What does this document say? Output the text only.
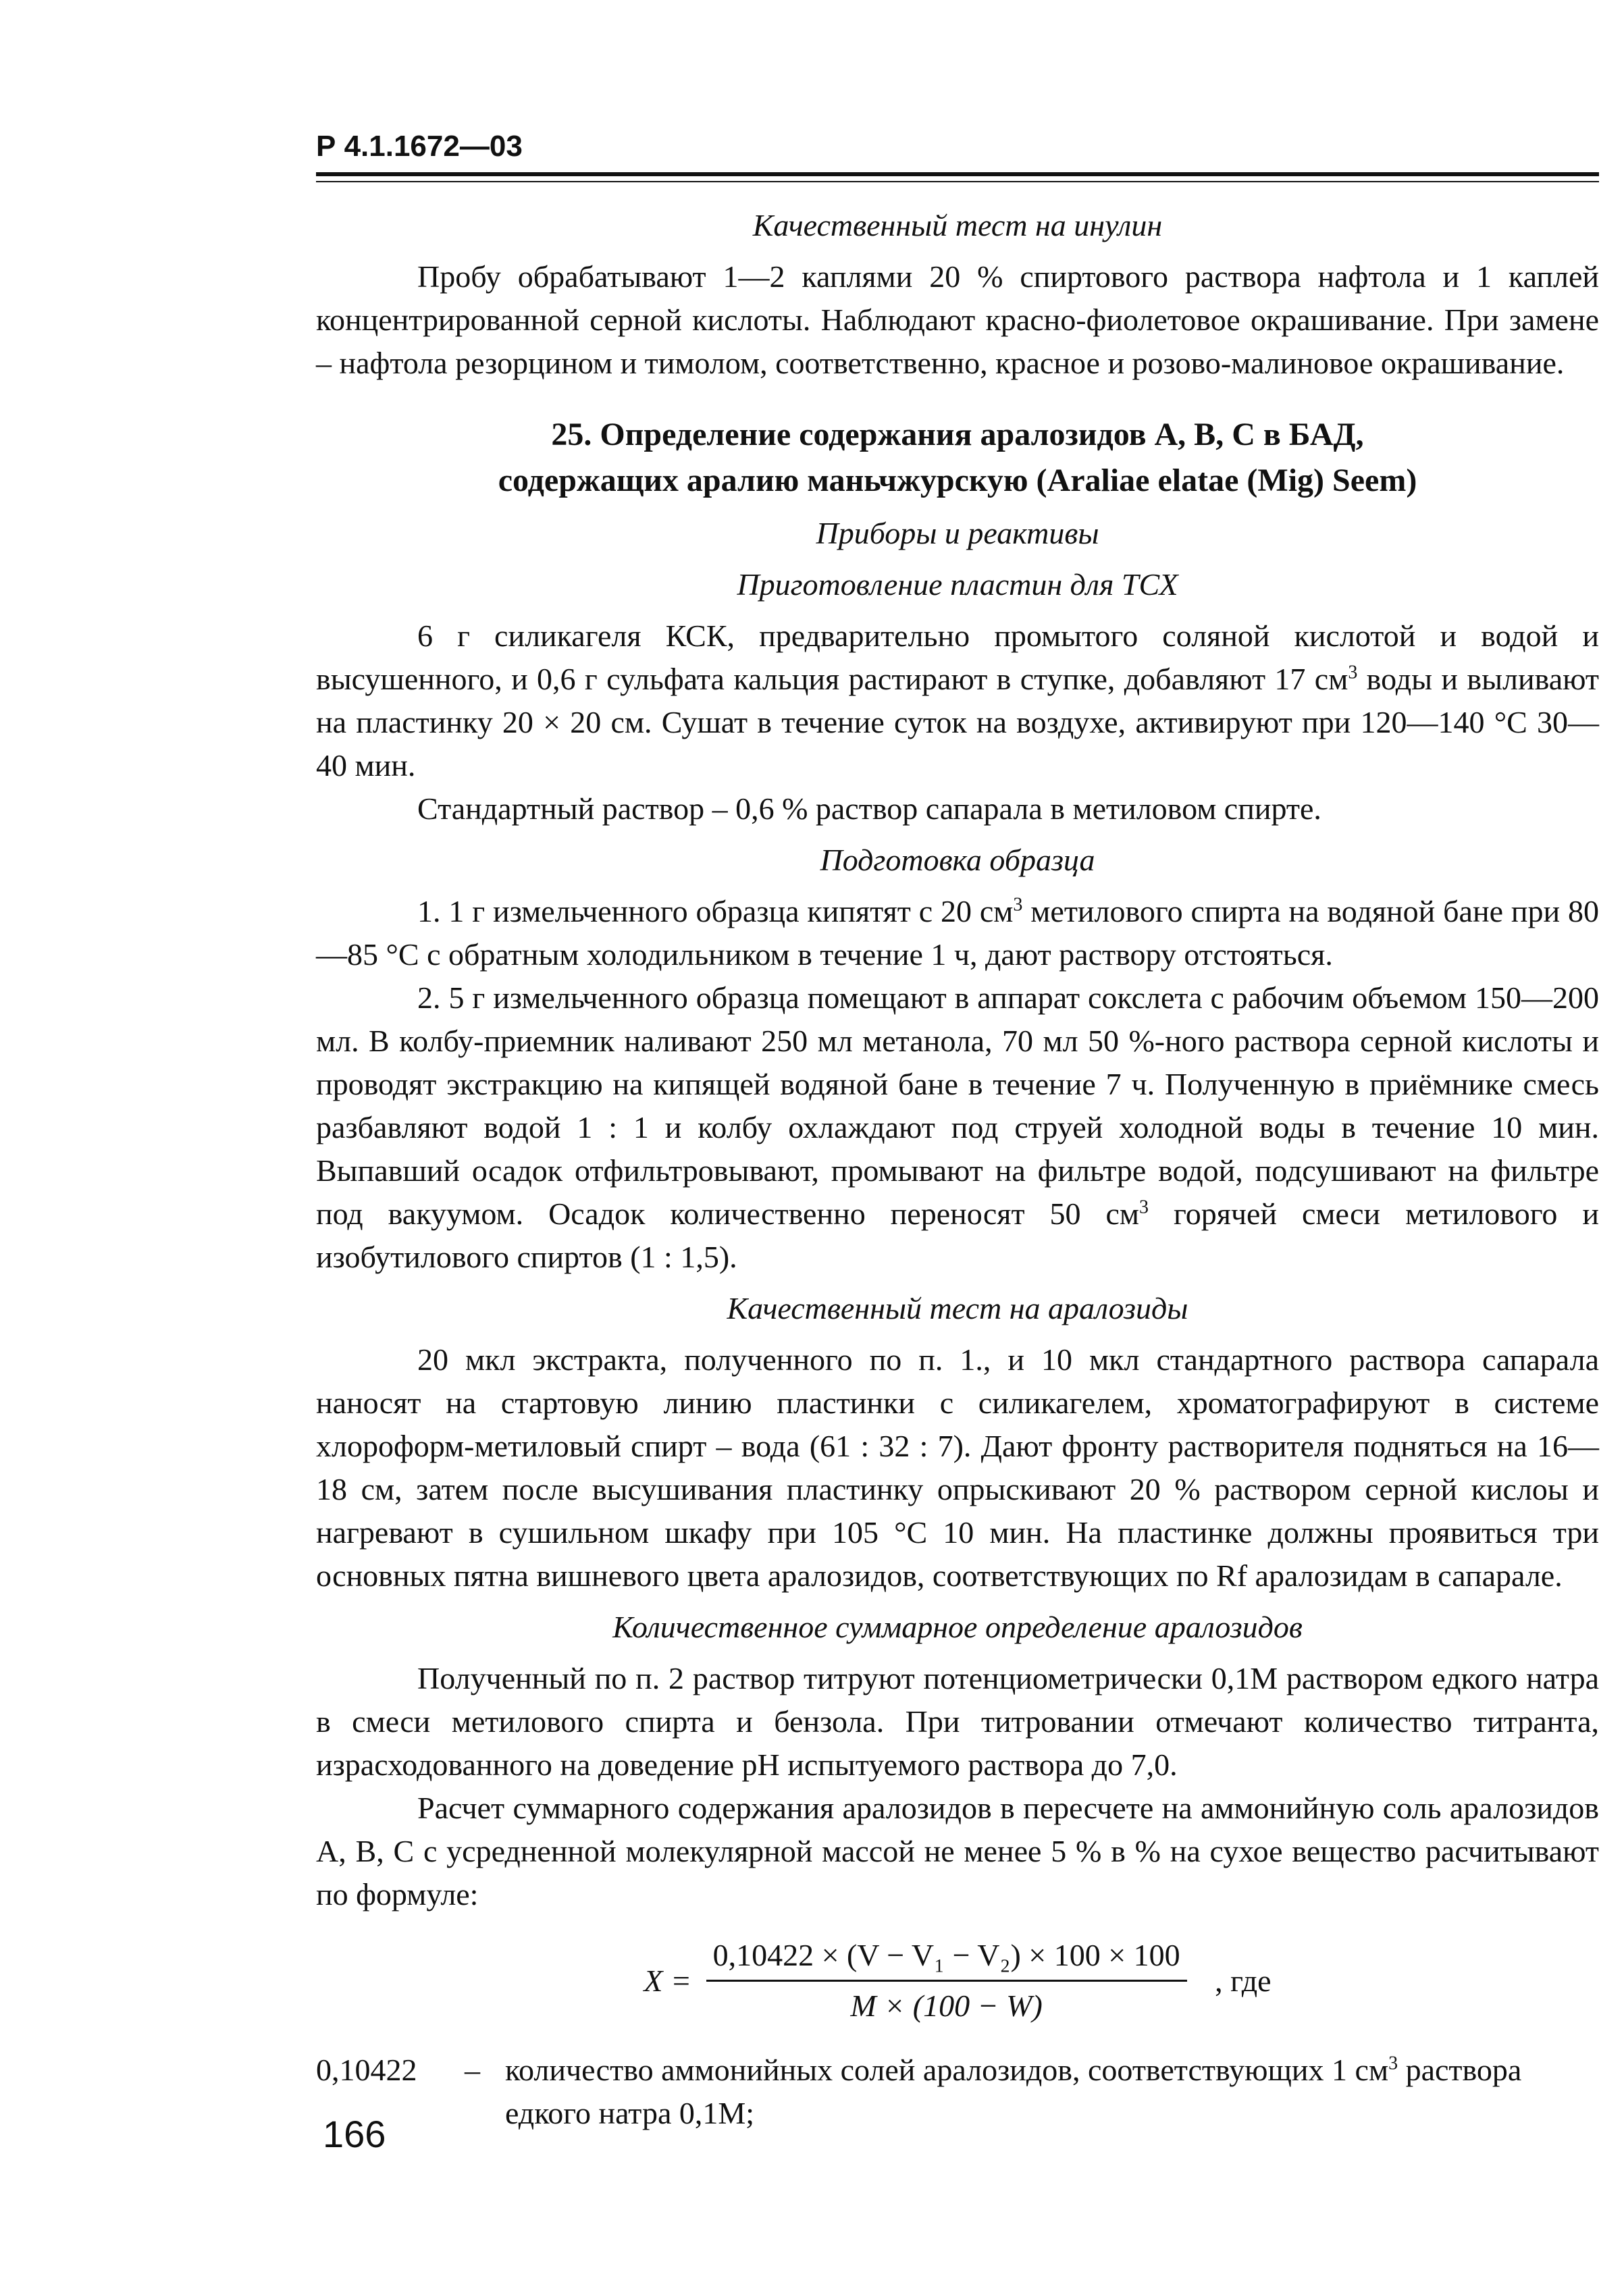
Р 4.1.1672—03
Качественный тест на инулин

Пробу обрабатывают 1—2 каплями 20 % спиртового раствора нафтола и 1 каплей концентрированной серной кислоты. Наблюдают красно-фиолетовое окрашивание. При замене – нафтола резорцином и тимолом, соответственно, красное и розово-малиновое окрашивание.

25. Определение содержания аралозидов А, В, С в БАД,
содержащих аралию маньчжурскую (Araliae elatae (Mig) Seem)
Приборы и реактивы
Приготовление пластин для ТСХ

6 г силикагеля КСК, предварительно промытого соляной кислотой и водой и высушенного, и 0,6 г сульфата кальция растирают в ступке, добавляют 17 $см^3$ воды и выливают на пластинку 20 × 20 см. Сушат в течение суток на воздухе, активируют при 120—140 °С 30—40 мин.

Стандартный раствор – 0,6 % раствор сапарала в метиловом спирте.

Подготовка образца

1. 1 г измельченного образца кипятят с 20 $см^3$ метилового спирта на водяной бане при 80—85 °С с обратным холодильником в течение 1 ч, дают раствору отстояться.

2. 5 г измельченного образца помещают в аппарат сокслета с рабочим объемом 150—200 мл. В колбу-приемник наливают 250 мл метанола, 70 мл 50 %-ного раствора серной кислоты и проводят экстракцию на кипящей водяной бане в течение 7 ч. Полученную в приёмнике смесь разбавляют водой 1 : 1 и колбу охлаждают под струей холодной воды в течение 10 мин. Выпавший осадок отфильтровывают, промывают на фильтре водой, подсушивают на фильтре под вакуумом. Осадок количественно переносят 50 $см^3$ горячей смеси метилового и изобутилового спиртов (1 : 1,5).

Качественный тест на аралозиды

20 мкл экстракта, полученного по п. 1., и 10 мкл стандартного раствора сапарала наносят на стартовую линию пластинки с силикагелем, хроматографируют в системе хлороформ-метиловый спирт – вода (61 : 32 : 7). Дают фронту растворителя подняться на 16—18 см, затем после высушивания пластинку опрыскивают 20 % раствором серной кислоы и нагревают в сушильном шкафу при 105 °С 10 мин. На пластинке должны проявиться три основных пятна вишневого цвета аралозидов, соответствующих по Rf аралозидам в сапарале.

Количественное суммарное определение аралозидов

Полученный по п. 2 раствор титруют потенциометрически 0,1М раствором едкого натра в смеси метилового спирта и бензола. При титровании отмечают количество титранта, израсходованного на доведение рН испытуемого раствора до 7,0.

Расчет суммарного содержания аралозидов в пересчете на аммонийную соль аралозидов А, В, С с усредненной молекулярной массой не менее 5 % в % на сухое вещество расчитывают по формуле:

$X = \frac{\text{0,10422 × (V − V₁ − V₂) × 100 × 100}}{M \times (100 - W)}$ , где
0,10422	– количество аммонийных солей аралозидов, соответствующих 1 $см^3$ раствора едкого натра 0,1М;
166
